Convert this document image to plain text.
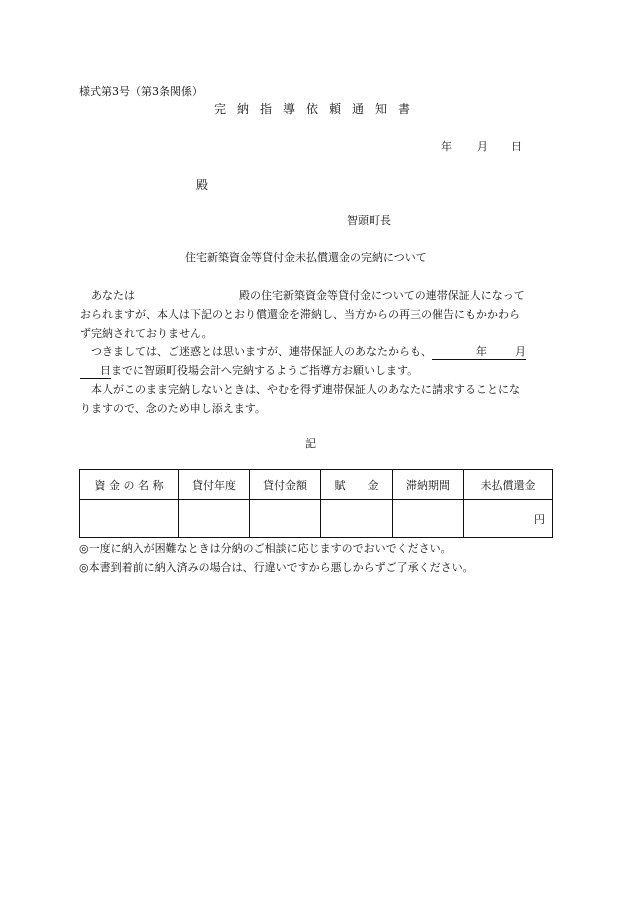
様式第3号（第3条関係）
完納指導依頼通知書
年 月 日
殿
智頭町長
住宅新築資金等貸付金未払償還金の完納について
あなたは	殿の住宅新築資金等貸付金についての連帯保証人になって
おられますが、本人は下記のとおり償還金を滞納し、当方からの再三の催告にもかかわら
ず完納されておりません。
つきましては、ご迷惑とは思いますが、連帯保証人のあなたからも、	年	月
日までに智頭町役場会計へ完納するようご指導方お願いします。
本人がこのまま完納しないときは、やむを得ず連帯保証人のあなたに請求することにな
りますので、念のため申し添えます。
記
資 金 の 名 称	貸付年度	貸付金額	賦　　金	滞納期間	未払償還金

					円
◎一度に納入が困難なときは分納のご相談に応じますのでおいでください。
◎本書到着前に納入済みの場合は、行違いですから悪しからずご了承ください。
